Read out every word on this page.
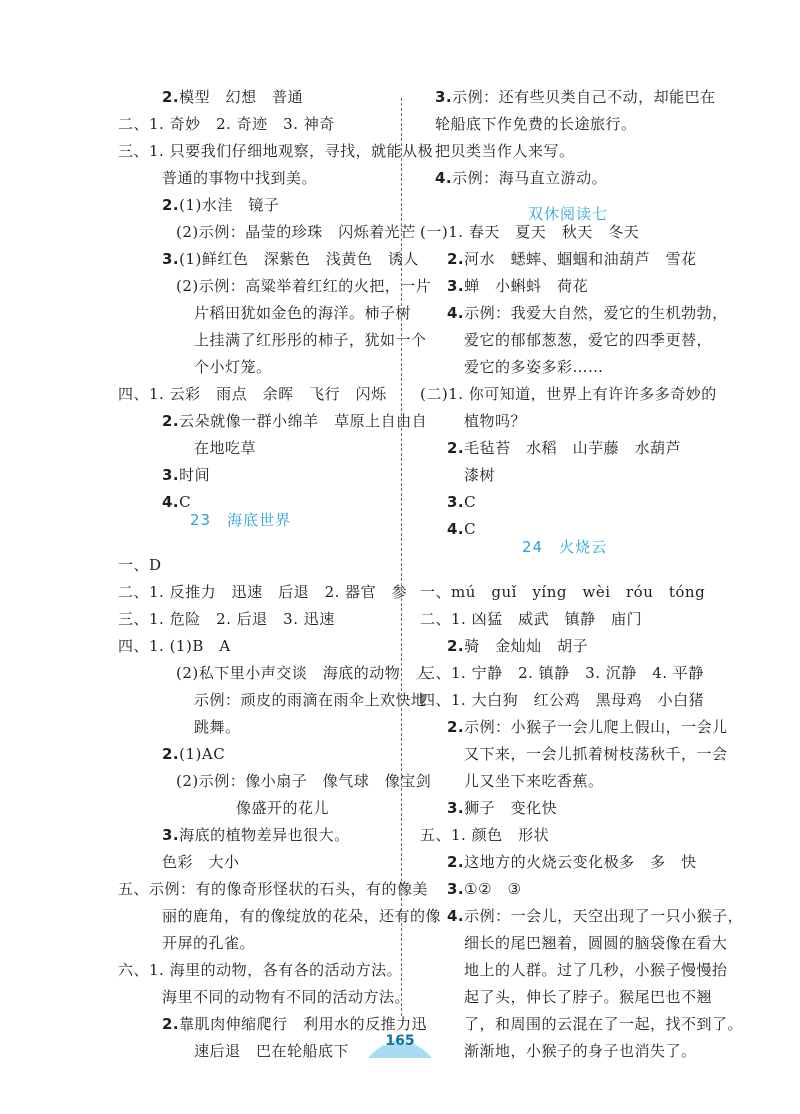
2.模型　幻想　普通
二、1. 奇妙　2. 奇迹　3. 神奇
三、1. 只要我们仔细地观察，寻找，就能从极
普通的事物中找到美。
2.(1)水洼　镜子
(2)示例：晶莹的珍珠　闪烁着光芒
3.(1)鲜红色　深紫色　浅黄色　诱人
(2)示例：高粱举着红红的火把，一片
片稻田犹如金色的海洋。柿子树
上挂满了红彤彤的柿子，犹如一个
个小灯笼。
四、1. 云彩　雨点　余晖　飞行　闪烁
2.云朵就像一群小绵羊　草原上自由自
在地吃草
3.时间
4.C
一、D
二、1. 反推力　迅速　后退　2. 器官　参
三、1. 危险　2. 后退　3. 迅速
四、1. (1)B　A
(2)私下里小声交谈　海底的动物　人
示例：顽皮的雨滴在雨伞上欢快地
跳舞。
2.(1)AC
(2)示例：像小扇子　像气球　像宝剑
像盛开的花儿
3.海底的植物差异也很大。
色彩　大小
五、示例：有的像奇形怪状的石头，有的像美
丽的鹿角，有的像绽放的花朵，还有的像
开屏的孔雀。
六、1. 海里的动物，各有各的活动方法。
海里不同的动物有不同的活动方法。
2.靠肌肉伸缩爬行　利用水的反推力迅
速后退　巴在轮船底下
3.示例：还有些贝类自己不动，却能巴在
轮船底下作免费的长途旅行。
把贝类当作人来写。
4.示例：海马直立游动。
(一)1. 春天　夏天　秋天　冬天
2.河水　蟋蟀、蝈蝈和油葫芦　雪花
3.蝉　小蝌蚪　荷花
4.示例：我爱大自然，爱它的生机勃勃，
爱它的郁郁葱葱，爱它的四季更替，
爱它的多姿多彩……
(二)1. 你可知道，世界上有许许多多奇妙的
植物吗？
2.毛毡苔　水稻　山芋藤　水葫芦
漆树
3.C
4.C
一、mú　guǐ　yíng　wèi　róu　tóng
二、1. 凶猛　威武　镇静　庙门
2.骑　金灿灿　胡子
三、1. 宁静　2. 镇静　3. 沉静　4. 平静
四、1. 大白狗　红公鸡　黑母鸡　小白猪
2.示例：小猴子一会儿爬上假山，一会儿
又下来，一会儿抓着树枝荡秋千，一会
儿又坐下来吃香蕉。
3.狮子　变化快
五、1. 颜色　形状
2.这地方的火烧云变化极多　多　快
3.①②　③
4.示例：一会儿，天空出现了一只小猴子，
细长的尾巴翘着，圆圆的脑袋像在看大
地上的人群。过了几秒，小猴子慢慢抬
起了头，伸长了脖子。猴尾巴也不翘
了，和周围的云混在了一起，找不到了。
渐渐地，小猴子的身子也消失了。
23　海底世界
双休阅读七
24　火烧云
165
